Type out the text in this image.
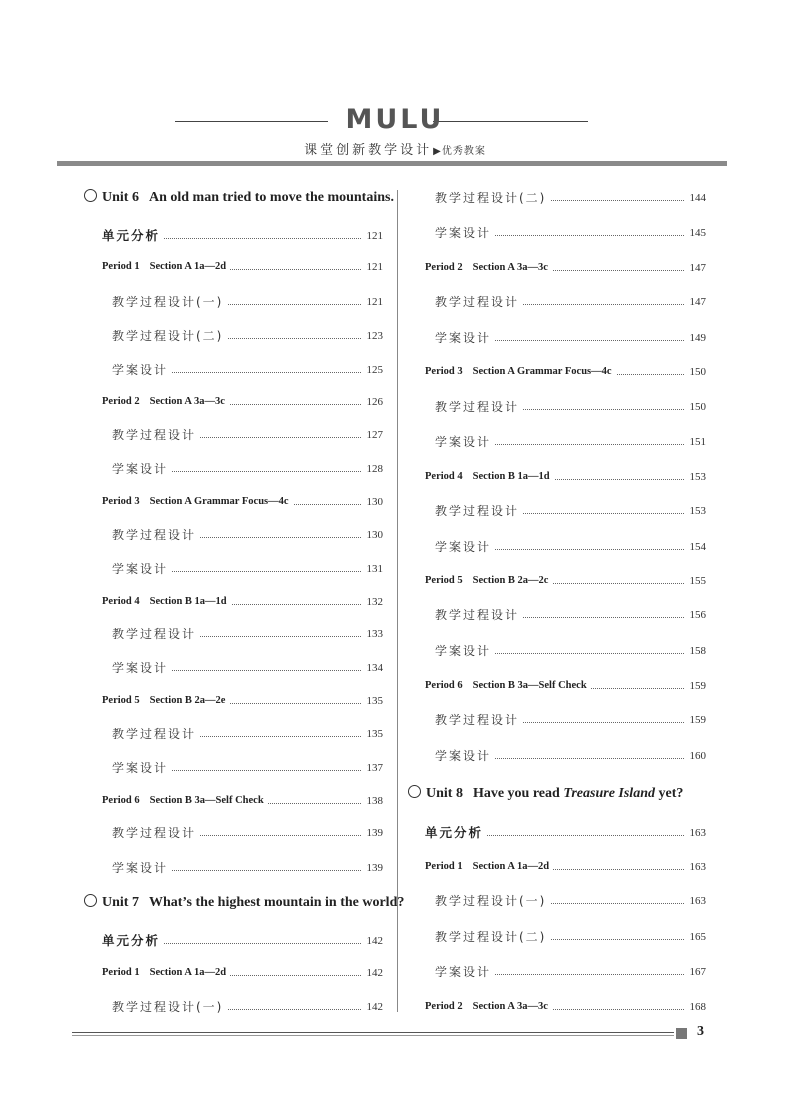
MULU
课堂创新教学设计▶优秀教案
Unit 6 An old man tried to move the mountains.
Unit 7 What’s the highest mountain in the world?
Unit 8 Have you read Treasure Island yet?
单元分析	121
Period 1 Section A 1a—2d	121
教学过程设计(一)	121
教学过程设计(二)	123
学案设计	125
Period 2 Section A 3a—3c	126
教学过程设计	127
学案设计	128
Period 3 Section A Grammar Focus—4c	130
教学过程设计	130
学案设计	131
Period 4 Section B 1a—1d	132
教学过程设计	133
学案设计	134
Period 5 Section B 2a—2e	135
教学过程设计	135
学案设计	137
Period 6 Section B 3a—Self Check	138
教学过程设计	139
学案设计	139
单元分析	142
Period 1 Section A 1a—2d	142
教学过程设计(一)	142
教学过程设计(二)	144
学案设计	145
Period 2 Section A 3a—3c	147
教学过程设计	147
学案设计	149
Period 3 Section A Grammar Focus—4c	150
教学过程设计	150
学案设计	151
Period 4 Section B 1a—1d	153
教学过程设计	153
学案设计	154
Period 5 Section B 2a—2c	155
教学过程设计	156
学案设计	158
Period 6 Section B 3a—Self Check	159
教学过程设计	159
学案设计	160
单元分析	163
Period 1 Section A 1a—2d	163
教学过程设计(一)	163
教学过程设计(二)	165
学案设计	167
Period 2 Section A 3a—3c	168
3
